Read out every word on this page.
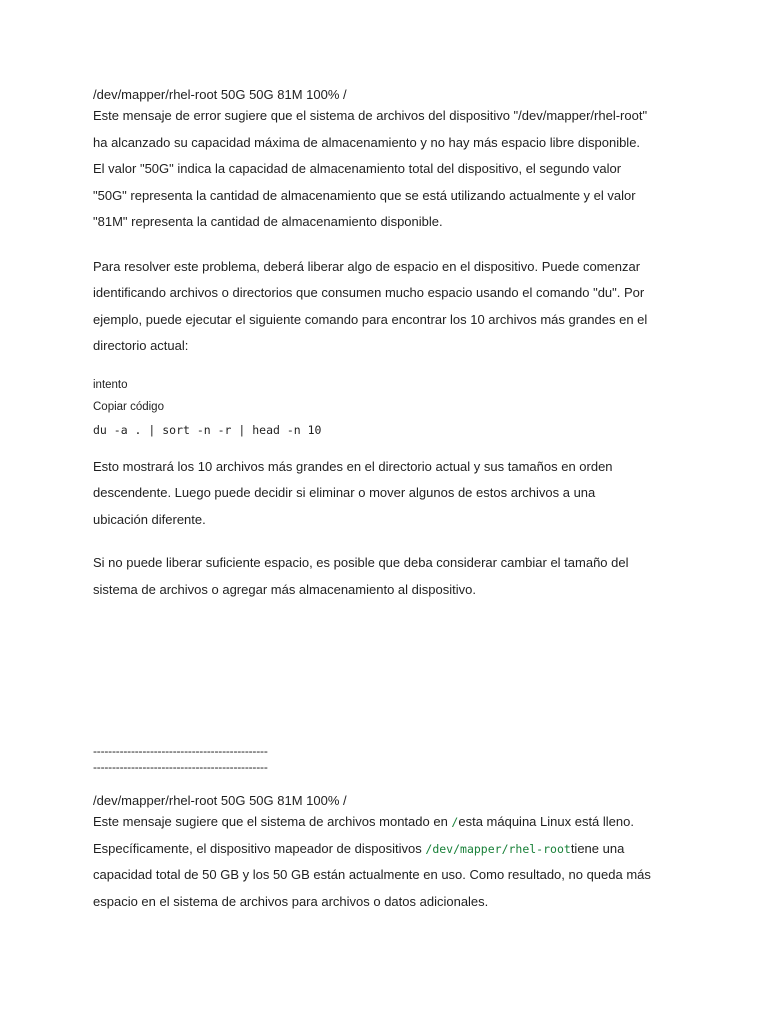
/dev/mapper/rhel-root 50G 50G 81M 100% /

Este mensaje de error sugiere que el sistema de archivos del dispositivo "/dev/mapper/rhel-root"

ha alcanzado su capacidad máxima de almacenamiento y no hay más espacio libre disponible.

El valor "50G" indica la capacidad de almacenamiento total del dispositivo, el segundo valor

"50G" representa la cantidad de almacenamiento que se está utilizando actualmente y el valor

"81M" representa la cantidad de almacenamiento disponible.

Para resolver este problema, deberá liberar algo de espacio en el dispositivo. Puede comenzar

identificando archivos o directorios que consumen mucho espacio usando el comando "du". Por

ejemplo, puede ejecutar el siguiente comando para encontrar los 10 archivos más grandes en el

directorio actual:

intento
Copiar código
du -a . | sort -n -r | head -n 10

Esto mostrará los 10 archivos más grandes en el directorio actual y sus tamaños en orden

descendente. Luego puede decidir si eliminar o mover algunos de estos archivos a una

ubicación diferente.

Si no puede liberar suficiente espacio, es posible que deba considerar cambiar el tamaño del

sistema de archivos o agregar más almacenamiento al dispositivo.

----------------------------------------------
----------------------------------------------
/dev/mapper/rhel-root 50G 50G 81M 100% /

Este mensaje sugiere que el sistema de archivos montado en /esta máquina Linux está lleno.

Específicamente, el dispositivo mapeador de dispositivos /dev/mapper/rhel-roottiene una

capacidad total de 50 GB y los 50 GB están actualmente en uso. Como resultado, no queda más

espacio en el sistema de archivos para archivos o datos adicionales.
